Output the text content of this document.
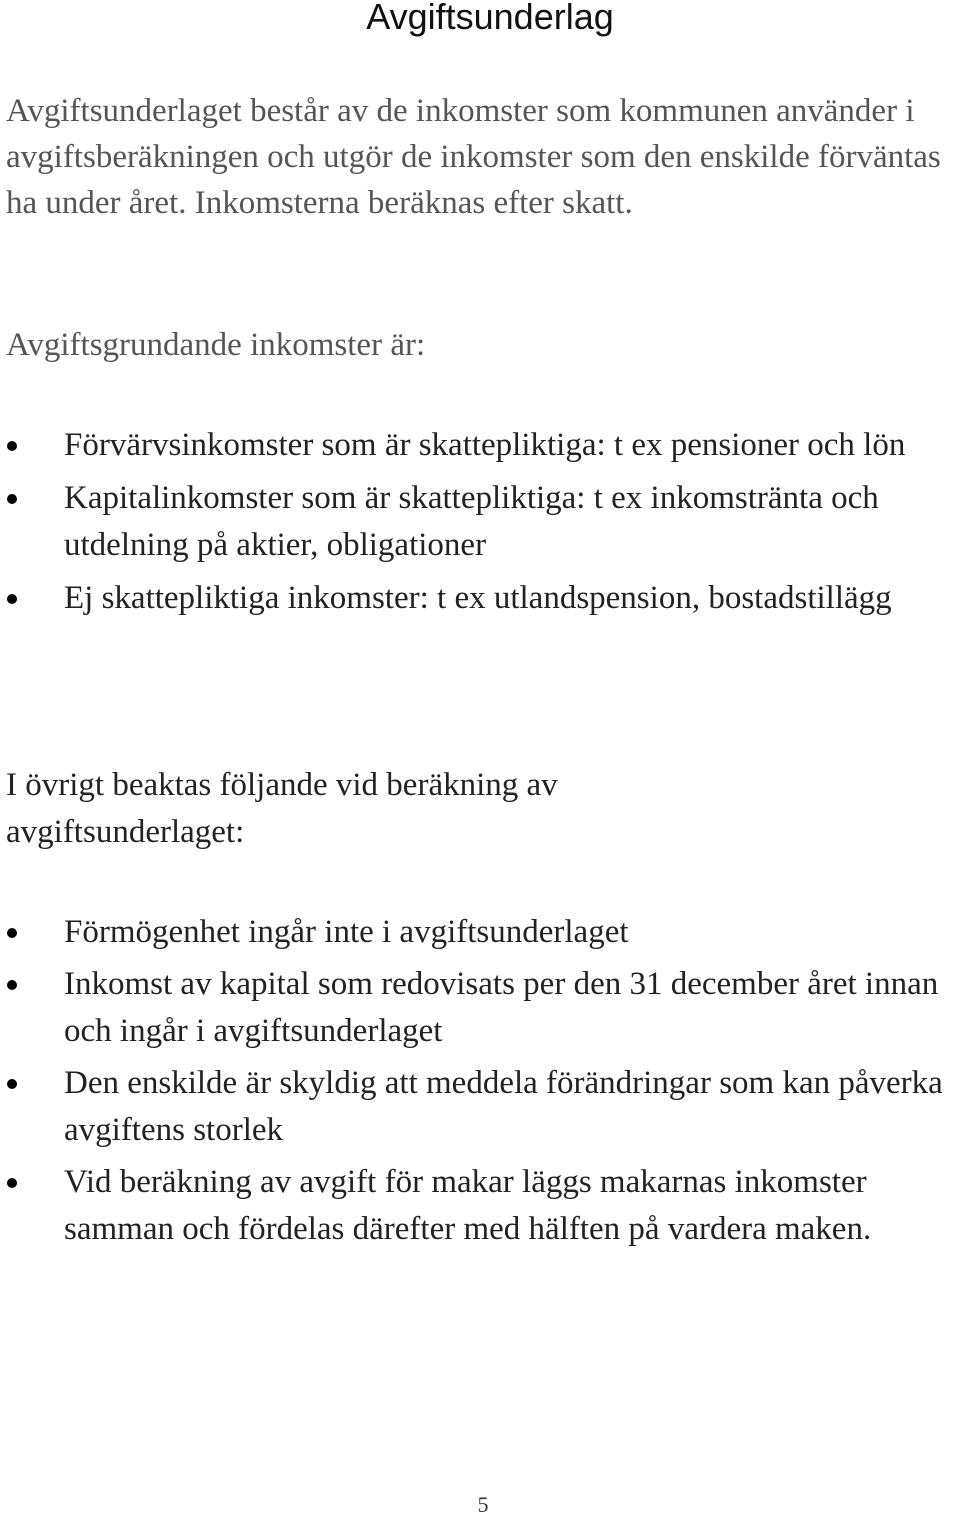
Avgiftsunderlag

Avgiftsunderlaget består av de inkomster som kommunen använder i avgiftsberäkningen och utgör de inkomster som den enskilde förväntas ha under året. Inkomsterna beräknas efter skatt.

Avgiftsgrundande inkomster är:

Förvärvsinkomster som är skattepliktiga: t ex pensioner och lön
Kapitalinkomster som är skattepliktiga: t ex inkomstränta och utdelning på aktier, obligationer
Ej skattepliktiga inkomster: t ex utlandspension, bostadstillägg

I övrigt beaktas följande vid beräkning av avgiftsunderlaget:

Förmögenhet ingår inte i avgiftsunderlaget
Inkomst av kapital som redovisats per den 31 december året innan och ingår i avgiftsunderlaget
Den enskilde är skyldig att meddela förändringar som kan påverka avgiftens storlek
Vid beräkning av avgift för makar läggs makarnas inkomster samman och fördelas därefter med hälften på vardera maken.
5
